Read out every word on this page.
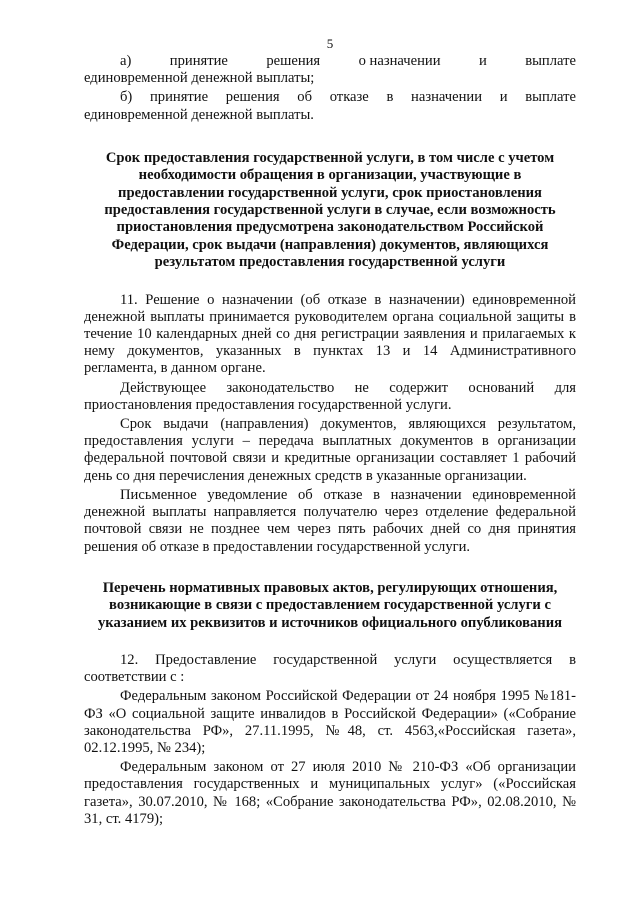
5
а)	принятие	решения	о назначении	и	выплате

единовременной денежной выплаты;

б) принятие решения об отказе в назначении и выплате

единовременной денежной выплаты.

Срок предоставления государственной услуги, в том числе с учетом необходимости обращения в организации, участвующие в предоставлении государственной услуги, срок приостановления предоставления государственной услуги в случае, если возможность приостановления предусмотрена законодательством Российской Федерации, срок выдачи (направления) документов, являющихся результатом предоставления государственной услуги

11. Решение о назначении (об отказе в назначении) единовременной денежной выплаты принимается руководителем органа социальной защиты в течение 10 календарных дней со дня регистрации заявления и прилагаемых к нему документов, указанных в пунктах 13 и 14 Административного регламента, в данном органе.

Действующее законодательство не содержит оснований для приостановления предоставления государственной услуги.

Срок выдачи (направления) документов, являющихся результатом, предоставления услуги – передача выплатных документов в организации федеральной почтовой связи и кредитные организации составляет 1 рабочий день со дня перечисления денежных средств в указанные организации.

Письменное уведомление об отказе в назначении единовременной денежной выплаты направляется получателю через отделение федеральной почтовой связи не позднее чем через пять рабочих дней со дня принятия решения об отказе в предоставлении государственной услуги.

Перечень нормативных правовых актов, регулирующих отношения, возникающие в связи с предоставлением государственной услуги с указанием их реквизитов и источников официального опубликования

12. Предоставление государственной услуги осуществляется в соответствии с :

Федеральным законом Российской Федерации от 24 ноября 1995 №181-ФЗ «О социальной защите инвалидов в Российской Федерации» («Собрание законодательства РФ», 27.11.1995, №48, ст. 4563,«Российская газета», 02.12.1995, № 234);

Федеральным законом от 27 июля 2010 № 210-ФЗ «Об организации предоставления государственных и муниципальных услуг» («Российская газета», 30.07.2010, № 168; «Собрание законодательства РФ», 02.08.2010, № 31, ст. 4179);
